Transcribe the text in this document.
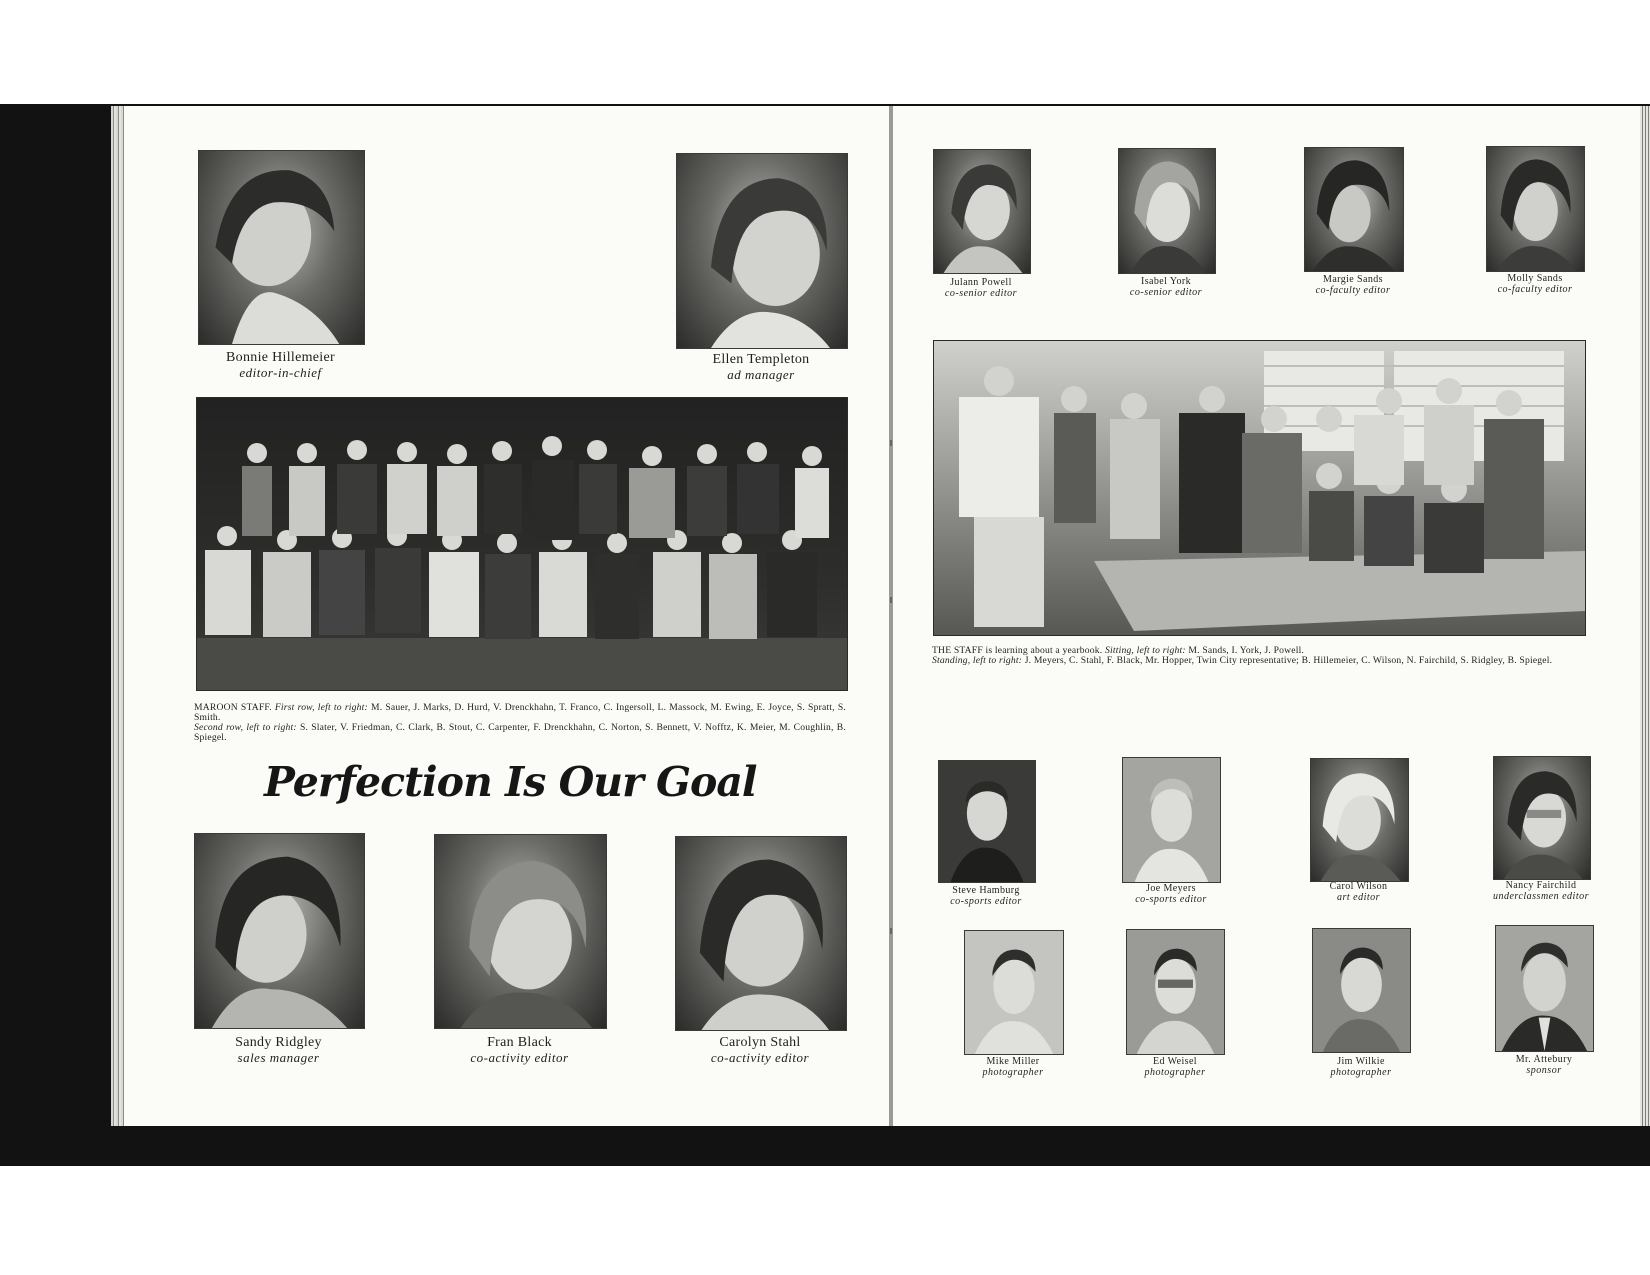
Bonnie Hillemeier
editor-in-chief
Ellen Templeton
ad manager
MAROON STAFF. First row, left to right: M. Sauer, J. Marks, D. Hurd, V. Drenckhahn, T. Franco, C. Ingersoll, L. Massock, M. Ewing, E. Joyce, S. Spratt, S. Smith.
Second row, left to right: S. Slater, V. Friedman, C. Clark, B. Stout, C. Carpenter, F. Drenckhahn, C. Norton, S. Bennett, V. Nofftz, K. Meier, M. Coughlin, B. Spiegel.
Perfection Is Our Goal
Sandy Ridgley
sales manager
Fran Black
co-activity editor
Carolyn Stahl
co-activity editor
Julann Powell
co-senior editor
Isabel York
co-senior editor
Margie Sands
co-faculty editor
Molly Sands
co-faculty editor
THE STAFF is learning about a yearbook. Sitting, left to right: M. Sands, I. York, J. Powell.
Standing, left to right: J. Meyers, C. Stahl, F. Black, Mr. Hopper, Twin City representative; B. Hillemeier, C. Wilson, N. Fairchild, S. Ridgley, B. Spiegel.
Steve Hamburg
co-sports editor
Joe Meyers
co-sports editor
Carol Wilson
art editor
Nancy Fairchild
underclassmen editor
Mike Miller
photographer
Ed Weisel
photographer
Jim Wilkie
photographer
Mr. Attebury
sponsor
